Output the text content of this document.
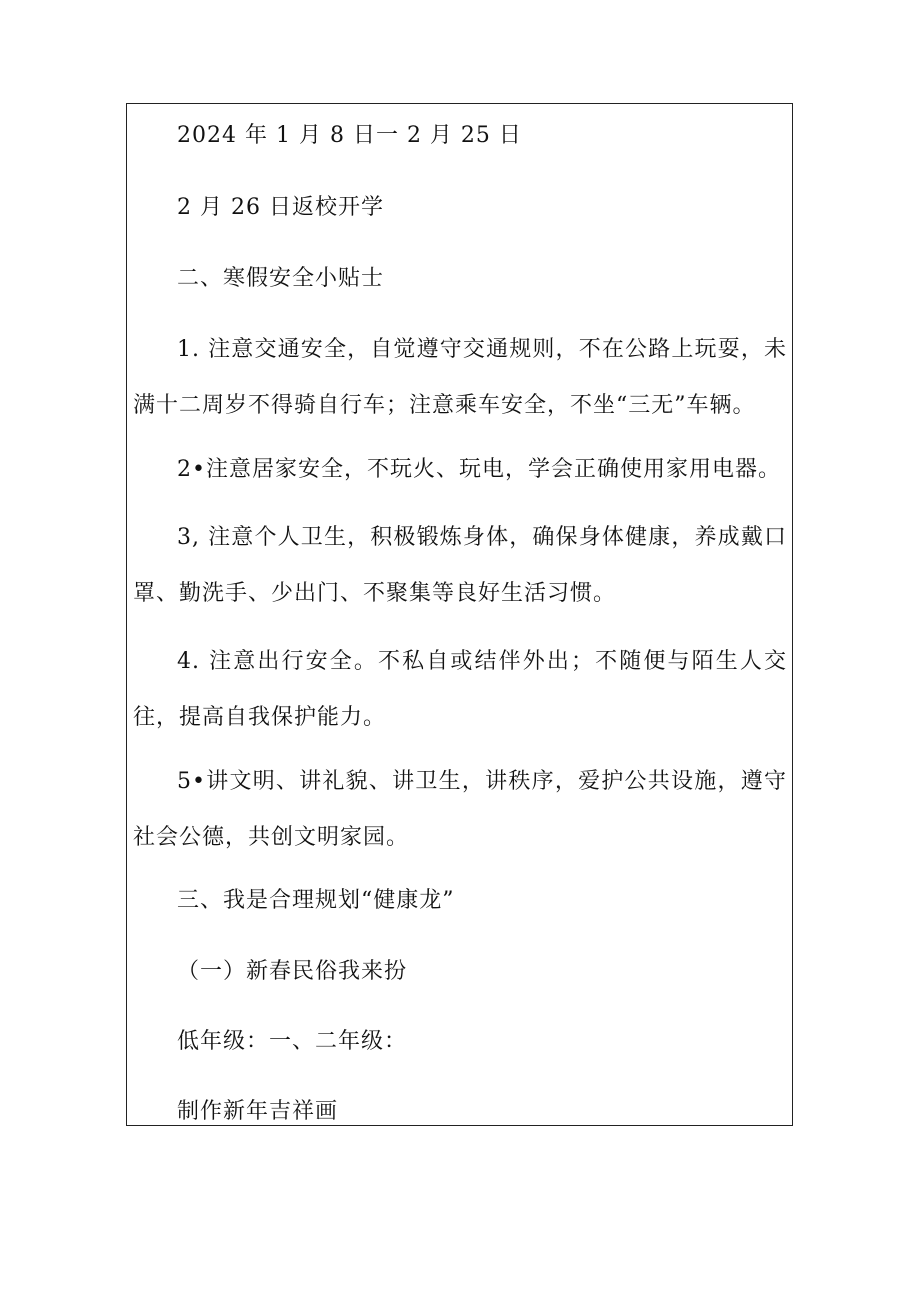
2024 年 1 月 8 日一 2 月 25 日
2 月 26 日返校开学
二、寒假安全小贴士
1. 注意交通安全，自觉遵守交通规则，不在公路上玩耍，未满十二周岁不得骑自行车；注意乘车安全，不坐“三无”车辆。
2•注意居家安全，不玩火、玩电，学会正确使用家用电器。
3, 注意个人卫生，积极锻炼身体，确保身体健康，养成戴口罩、勤洗手、少出门、不聚集等良好生活习惯。
4. 注意出行安全。不私自或结伴外出；不随便与陌生人交往，提高自我保护能力。
5•讲文明、讲礼貌、讲卫生，讲秩序，爱护公共设施，遵守社会公德，共创文明家园。
三、我是合理规划“健康龙”
（一）新春民俗我来扮
低年级：一、二年级：
制作新年吉祥画
